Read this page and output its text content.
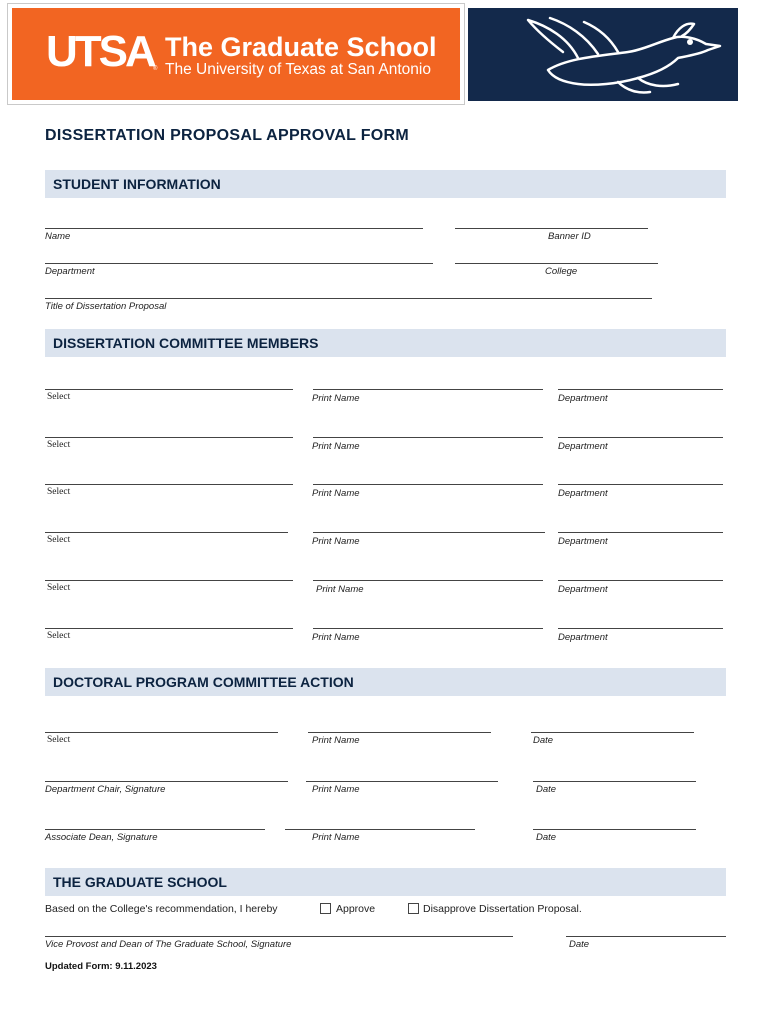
UTSA ®
The Graduate School
The University of Texas at San Antonio
DISSERTATION PROPOSAL APPROVAL FORM
STUDENT INFORMATION
Name	Banner ID
Department	College
Title of Dissertation Proposal
DISSERTATION COMMITTEE MEMBERS
Select	Print Name	Department
Select	Print Name	Department
Select	Print Name	Department
Select	Print Name	Department
Select	Print Name	Department
Select	Print Name	Department
DOCTORAL PROGRAM COMMITTEE ACTION
Select	Print Name	Date
Department Chair, Signature	Print Name	Date
Associate Dean, Signature	Print Name	Date
THE GRADUATE SCHOOL
Based on the College's recommendation, I hereby	Approve	Disapprove Dissertation Proposal.
Vice Provost and Dean of The Graduate School, Signature	Date
Updated Form: 9.11.2023
